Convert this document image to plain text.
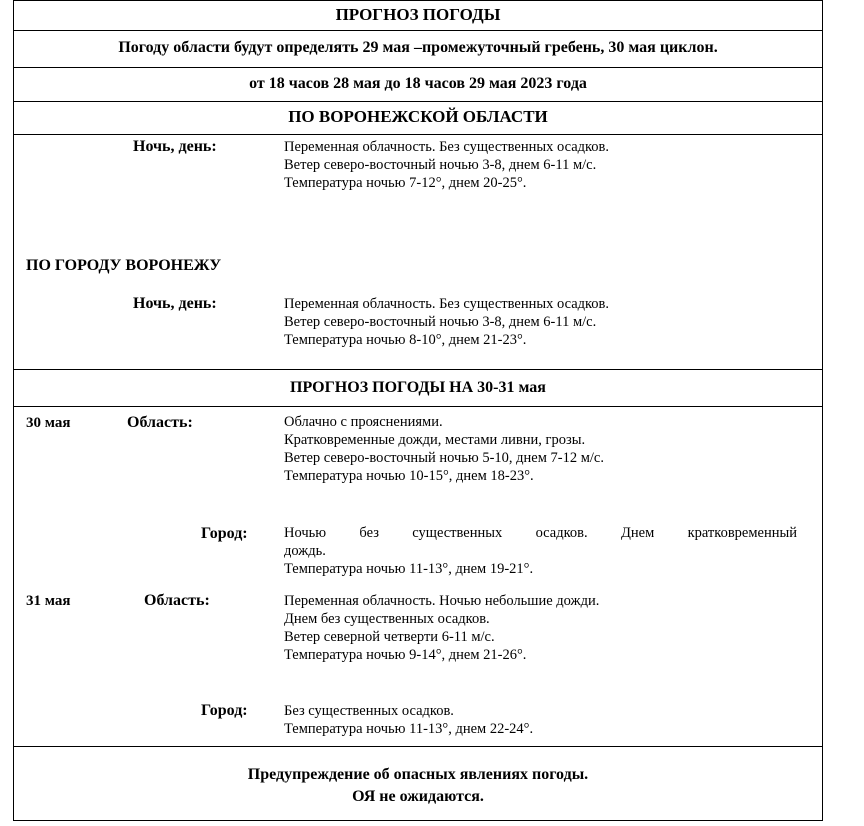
ПРОГНОЗ ПОГОДЫ
Погоду области будут определять 29 мая –промежуточный гребень, 30 мая циклон.
от 18 часов 28 мая до 18 часов 29 мая 2023 года
ПО ВОРОНЕЖСКОЙ ОБЛАСТИ
Ночь, день:	Переменная облачность. Без существенных осадков.
Ветер северо-восточный ночью 3-8, днем 6-11 м/с.
Температура ночью 7-12°, днем 20-25°.
ПО ГОРОДУ ВОРОНЕЖУ
Ночь, день:	Переменная облачность. Без существенных осадков.
Ветер северо-восточный ночью 3-8, днем 6-11 м/с.
Температура ночью 8-10°, днем 21-23°.
ПРОГНОЗ ПОГОДЫ НА 30-31 мая
30 мая	Область:	Облачно с прояснениями.
Кратковременные дожди, местами ливни, грозы.
Ветер северо-восточный ночью 5-10, днем 7-12 м/с.
Температура ночью 10-15°, днем 18-23°.
Город:	Ночью без существенных осадков. Днем кратковременный
дождь.
Температура ночью 11-13°, днем 19-21°.
31 мая	Область:	Переменная облачность. Ночью небольшие дожди.
Днем без существенных осадков.
Ветер северной четверти 6-11 м/с.
Температура ночью 9-14°, днем 21-26°.
Город:	Без существенных осадков.
Температура ночью 11-13°, днем 22-24°.
Предупреждение об опасных явлениях погоды.
ОЯ не ожидаются.
